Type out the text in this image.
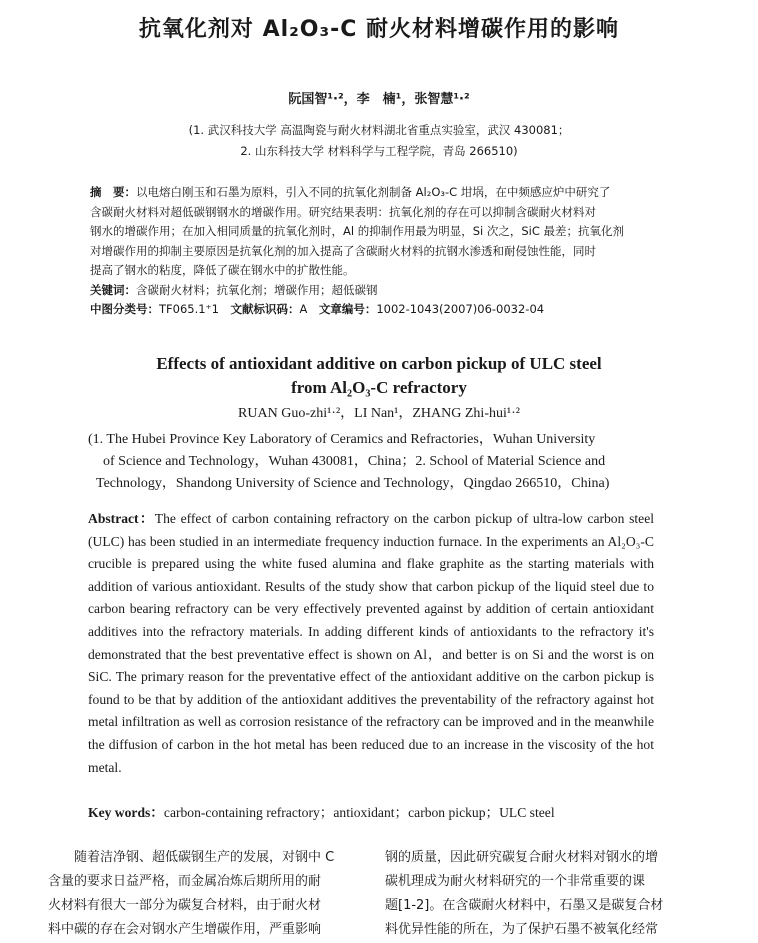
抗氧化剂对 Al₂O₃-C 耐火材料增碳作用的影响
阮国智¹·²，李　楠¹，张智慧¹·²
(1. 武汉科技大学 高温陶瓷与耐火材料湖北省重点实验室，武汉 430081；
2. 山东科技大学 材料科学与工程学院，青岛 266510)
摘　要：以电熔白刚玉和石墨为原料，引入不同的抗氧化剂制备 Al₂O₃-C 坩埚，在中频感应炉中研究了
含碳耐火材料对超低碳钢钢水的增碳作用。研究结果表明：抗氧化剂的存在可以抑制含碳耐火材料对
钢水的增碳作用；在加入相同质量的抗氧化剂时，Al 的抑制作用最为明显，Si 次之，SiC 最差；抗氧化剂
对增碳作用的抑制主要原因是抗氧化剂的加入提高了含碳耐火材料的抗钢水渗透和耐侵蚀性能，同时
提高了钢水的粘度，降低了碳在钢水中的扩散性能。
关键词：含碳耐火材料；抗氧化剂；增碳作用；超低碳钢
中图分类号：TF065.1⁺1　 文献标识码：A　 文章编号：1002-1043(2007)06-0032-04
Effects of antioxidant additive on carbon pickup of ULC steel
from Al₂O₃-C refractory
RUAN Guo-zhi¹·²，LI Nan¹，ZHANG Zhi-hui¹·²
(1. The Hubei Province Key Laboratory of Ceramics and Refractories，Wuhan University
of Science and Technology，Wuhan 430081，China；2. School of Material Science and
Technology，Shandong University of Science and Technology，Qingdao 266510，China)
Abstract：The effect of carbon containing refractory on the carbon pickup of ultra-low carbon steel (ULC) has been studied in an intermediate frequency induction furnace. In the experiments an Al₂O₃-C crucible is prepared using the white fused alumina and flake graphite as the starting materials with addition of various antioxidant. Results of the study show that carbon pickup of the liquid steel due to carbon bearing refractory can be very effectively prevented against by addition of certain antioxidant additives into the refractory materials. In adding different kinds of antioxidants to the refractory it's demonstrated that the best preventative effect is shown on Al，and better is on Si and the worst is on SiC. The primary reason for the preventative effect of the antioxidant additive on the carbon pickup is found to be that by addition of the antioxidant additives the preventability of the refractory against hot metal infiltration as well as corrosion resistance of the refractory can be improved and in the meanwhile the diffusion of carbon in the hot metal has been reduced due to an increase in the viscosity of the hot metal.
Key words：carbon-containing refractory；antioxidant；carbon pickup；ULC steel
　　随着洁净钢、超低碳钢生产的发展，对钢中 C
含量的要求日益严格，而金属冶炼后期所用的耐
火材料有很大一部分为碳复合材料，由于耐火材
料中碳的存在会对钢水产生增碳作用，严重影响
钢的质量，因此研究碳复合耐火材料对钢水的增
碳机理成为耐火材料研究的一个非常重要的课
题[1-2]。在含碳耐火材料中，石墨又是碳复合材
料优异性能的所在，为了保护石墨不被氧化经常
